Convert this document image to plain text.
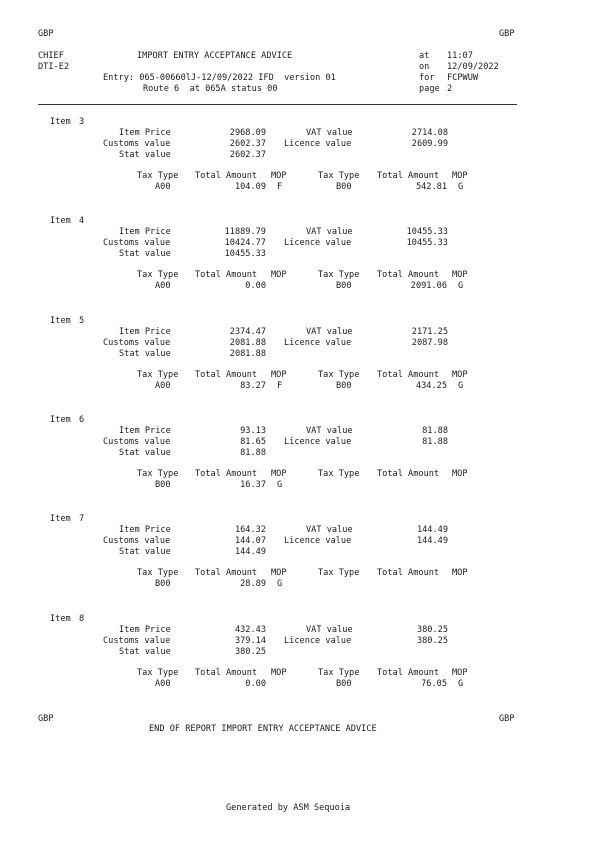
GBP	GBP
CHIEF	IMPORT ENTRY ACCEPTANCE ADVICE	at 11:07
DTI-E2	on 12/09/2022
Entry: 065-00660lJ-12/09/2022 IFD  version 01	for FCPWUW
Route 6  at 065A status 00	page 2
Item 3
Item Price	2968.09	VAT value	2714.08
Customs value	2602.37 Licence value	2609.99
Stat value	2602.37
Tax Type Total Amount MOP	Tax Type Total Amount MOP
A00	104.09 F	B00	542.81 G
Item 4
Item Price	11889.79	VAT value	10455.33
Customs value	10424.77 Licence value	10455.33
Stat value	10455.33
Tax Type Total Amount MOP	Tax Type Total Amount MOP
A00	0.00	B00	2091.06 G
Item 5
Item Price	2374.47	VAT value	2171.25
Customs value	2081.88 Licence value	2087.98
Stat value	2081.88
Tax Type Total Amount MOP	Tax Type Total Amount MOP
A00	83.27 F	B00	434.25 G
Item 6
Item Price	93.13	VAT value	81.88
Customs value	81.65 Licence value	81.88
Stat value	81.88
Tax Type Total Amount MOP	Tax Type Total Amount MOP
B00	16.37 G
Item 7
Item Price	164.32	VAT value	144.49
Customs value	144.07 Licence value	144.49
Stat value	144.49
Tax Type Total Amount MOP	Tax Type Total Amount MOP
B00	28.89 G
Item 8
Item Price	432.43	VAT value	380.25
Customs value	379.14 Licence value	380.25
Stat value	380.25
Tax Type Total Amount MOP	Tax Type Total Amount MOP
A00	0.00	B00	76.05 G
GBP	GBP
END OF REPORT IMPORT ENTRY ACCEPTANCE ADVICE
Generated by ASM Sequoia
